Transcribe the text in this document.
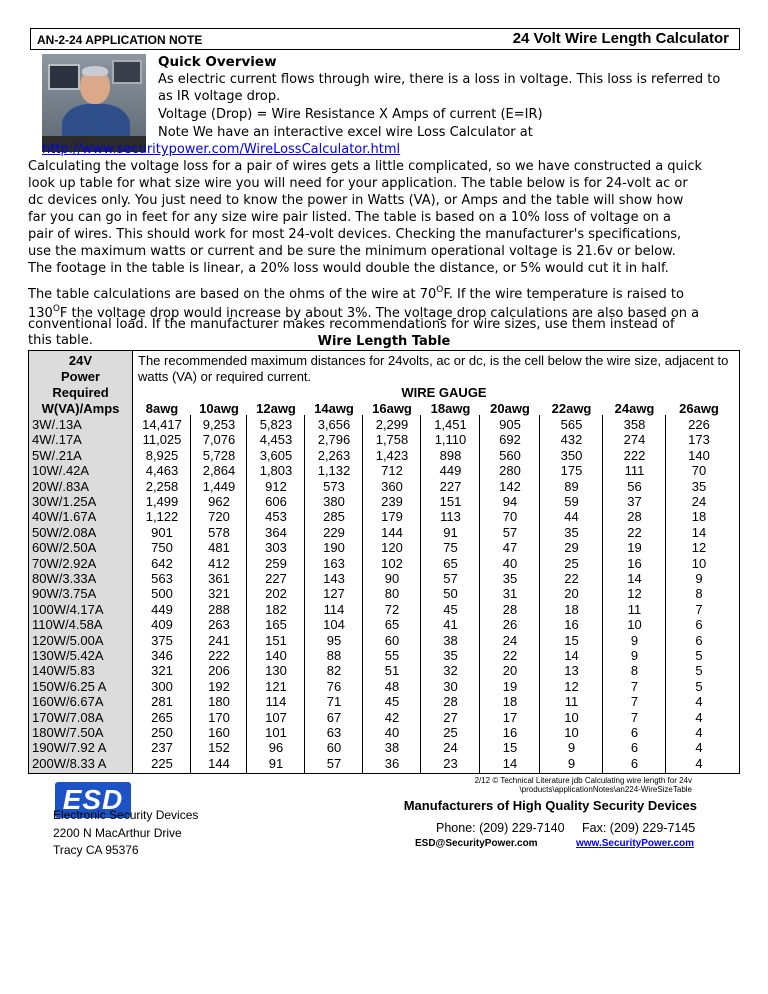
AN-2-24 APPLICATION NOTE	24 Volt Wire Length Calculator
Quick Overview
As electric current flows through wire, there is a loss in voltage. This loss is referred to
as IR voltage drop.
Voltage (Drop) = Wire Resistance X Amps of current (E=IR)
Note We have an interactive excel wire Loss Calculator at
http://www.securitypower.com/WireLossCalculator.html
Calculating the voltage loss for a pair of wires gets a little complicated, so we have constructed a quick
look up table for what size wire you will need for your application. The table below is for 24-volt ac or
dc devices only. You just need to know the power in Watts (VA), or Amps and the table will show how
far you can go in feet for any size wire pair listed. The table is based on a 10% loss of voltage on a
pair of wires. This should work for most 24-volt devices. Checking the manufacturer's specifications,
use the maximum watts or current and be sure the minimum operational voltage is 21.6v or below.
The footage in the table is linear, a 20% loss would double the distance, or 5% would cut it in half.
The table calculations are based on the ohms of the wire at $70^OF$. If the wire temperature is raised to
$130^OF$ the voltage drop would increase by about 3%. The voltage drop calculations are also based on a
conventional load. If the manufacturer makes recommendations for wire sizes, use them instead of
this table.	Wire Length Table
24V
Power
Required
W(VA)/Amps
The recommended maximum distances for 24volts, ac or dc, is the cell below the wire size, adjacent to
watts (VA) or required current.
WIRE GAUGE
8awg	10awg	12awg	14awg	16awg	18awg	20awg	22awg	24awg	26awg
3W/.13A	14,417	9,253	5,823	3,656	2,299	1,451	905	565	358	226
4W/.17A	11,025	7,076	4,453	2,796	1,758	1,110	692	432	274	173
5W/.21A	8,925	5,728	3,605	2,263	1,423	898	560	350	222	140
10W/.42A	4,463	2,864	1,803	1,132	712	449	280	175	111	70
20W/.83A	2,258	1,449	912	573	360	227	142	89	56	35
30W/1.25A	1,499	962	606	380	239	151	94	59	37	24
40W/1.67A	1,122	720	453	285	179	113	70	44	28	18
50W/2.08A	901	578	364	229	144	91	57	35	22	14
60W/2.50A	750	481	303	190	120	75	47	29	19	12
70W/2.92A	642	412	259	163	102	65	40	25	16	10
80W/3.33A	563	361	227	143	90	57	35	22	14	9
90W/3.75A	500	321	202	127	80	50	31	20	12	8
100W/4.17A	449	288	182	114	72	45	28	18	11	7
110W/4.58A	409	263	165	104	65	41	26	16	10	6
120W/5.00A	375	241	151	95	60	38	24	15	9	6
130W/5.42A	346	222	140	88	55	35	22	14	9	5
140W/5.83	321	206	130	82	51	32	20	13	8	5
150W/6.25 A	300	192	121	76	48	30	19	12	7	5
160W/6.67A	281	180	114	71	45	28	18	11	7	4
170W/7.08A	265	170	107	67	42	27	17	10	7	4
180W/7.50A	250	160	101	63	40	25	16	10	6	4
190W/7.92 A	237	152	96	60	38	24	15	9	6	4
200W/8.33 A	225	144	91	57	36	23	14	9	6	4
2/12 © Technical Literature jdb Calculating wire length for 24v
\products\applicationNotes\an224-WireSizeTable
ESD
Electronic Security Devices
2200 N MacArthur Drive
Tracy CA 95376
Manufacturers of High Quality Security Devices
Phone: (209) 229-7140 Fax: (209) 229-7145
ESD@SecurityPower.com	www.SecurityPower.com
